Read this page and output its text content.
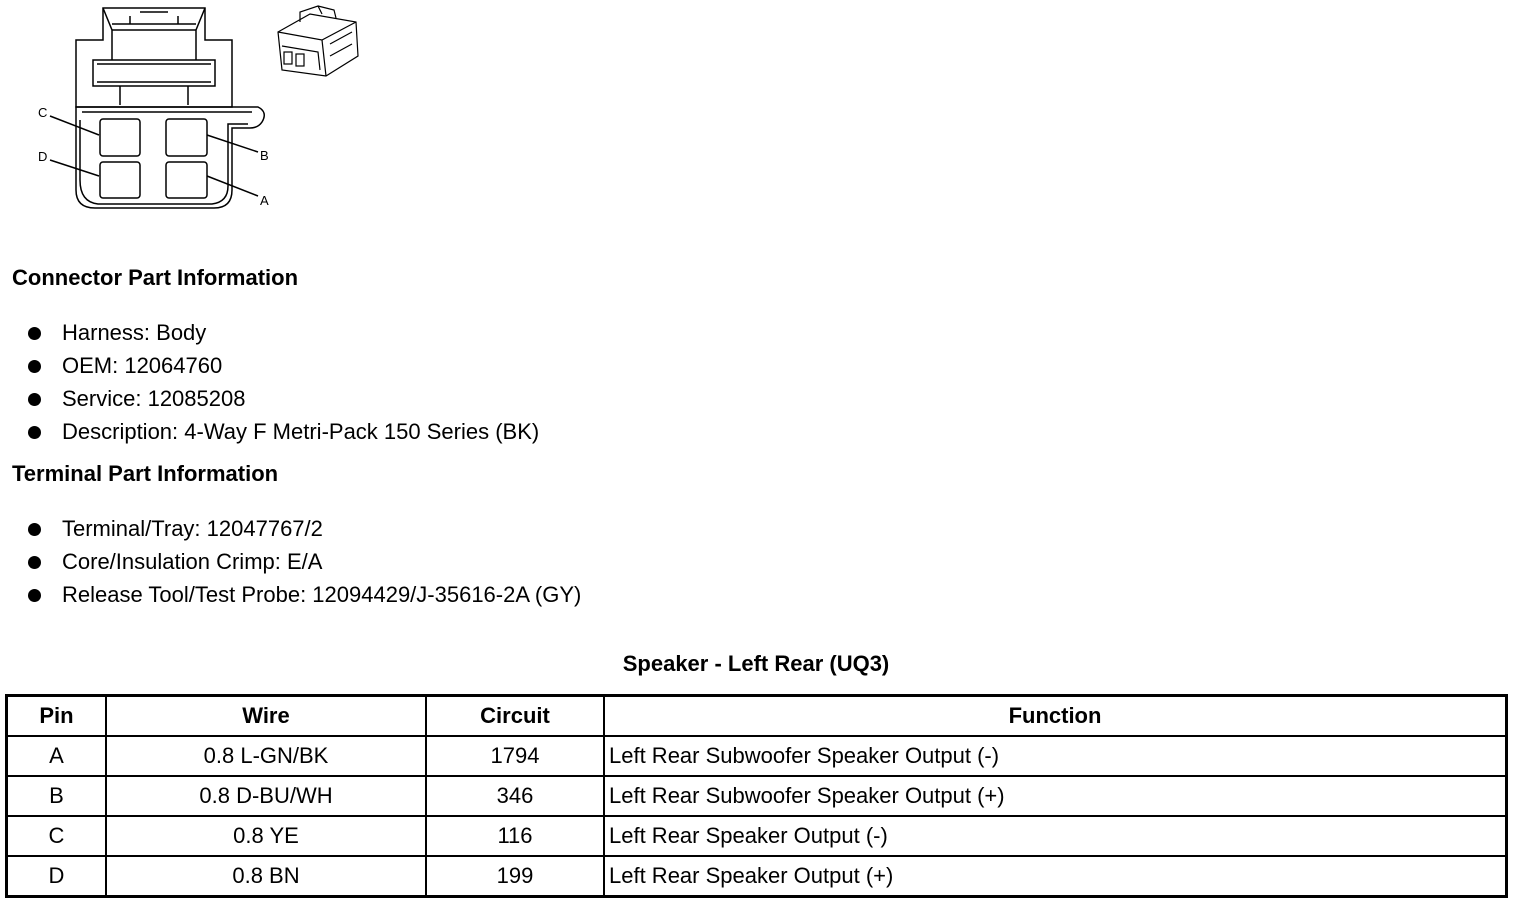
C
D	B
A
Connector Part Information
Harness: Body
OEM: 12064760
Service: 12085208
Description: 4-Way F Metri-Pack 150 Series (BK)
Terminal Part Information
Terminal/Tray: 12047767/2
Core/Insulation Crimp: E/A
Release Tool/Test Probe: 12094429/J-35616-2A (GY)
Speaker - Left Rear (UQ3)
Pin	Wire	Circuit	Function
A	0.8 L-GN/BK	1794	Left Rear Subwoofer Speaker Output (-)
B	0.8 D-BU/WH	346	Left Rear Subwoofer Speaker Output (+)
C	0.8 YE	116	Left Rear Speaker Output (-)
D	0.8 BN	199	Left Rear Speaker Output (+)
